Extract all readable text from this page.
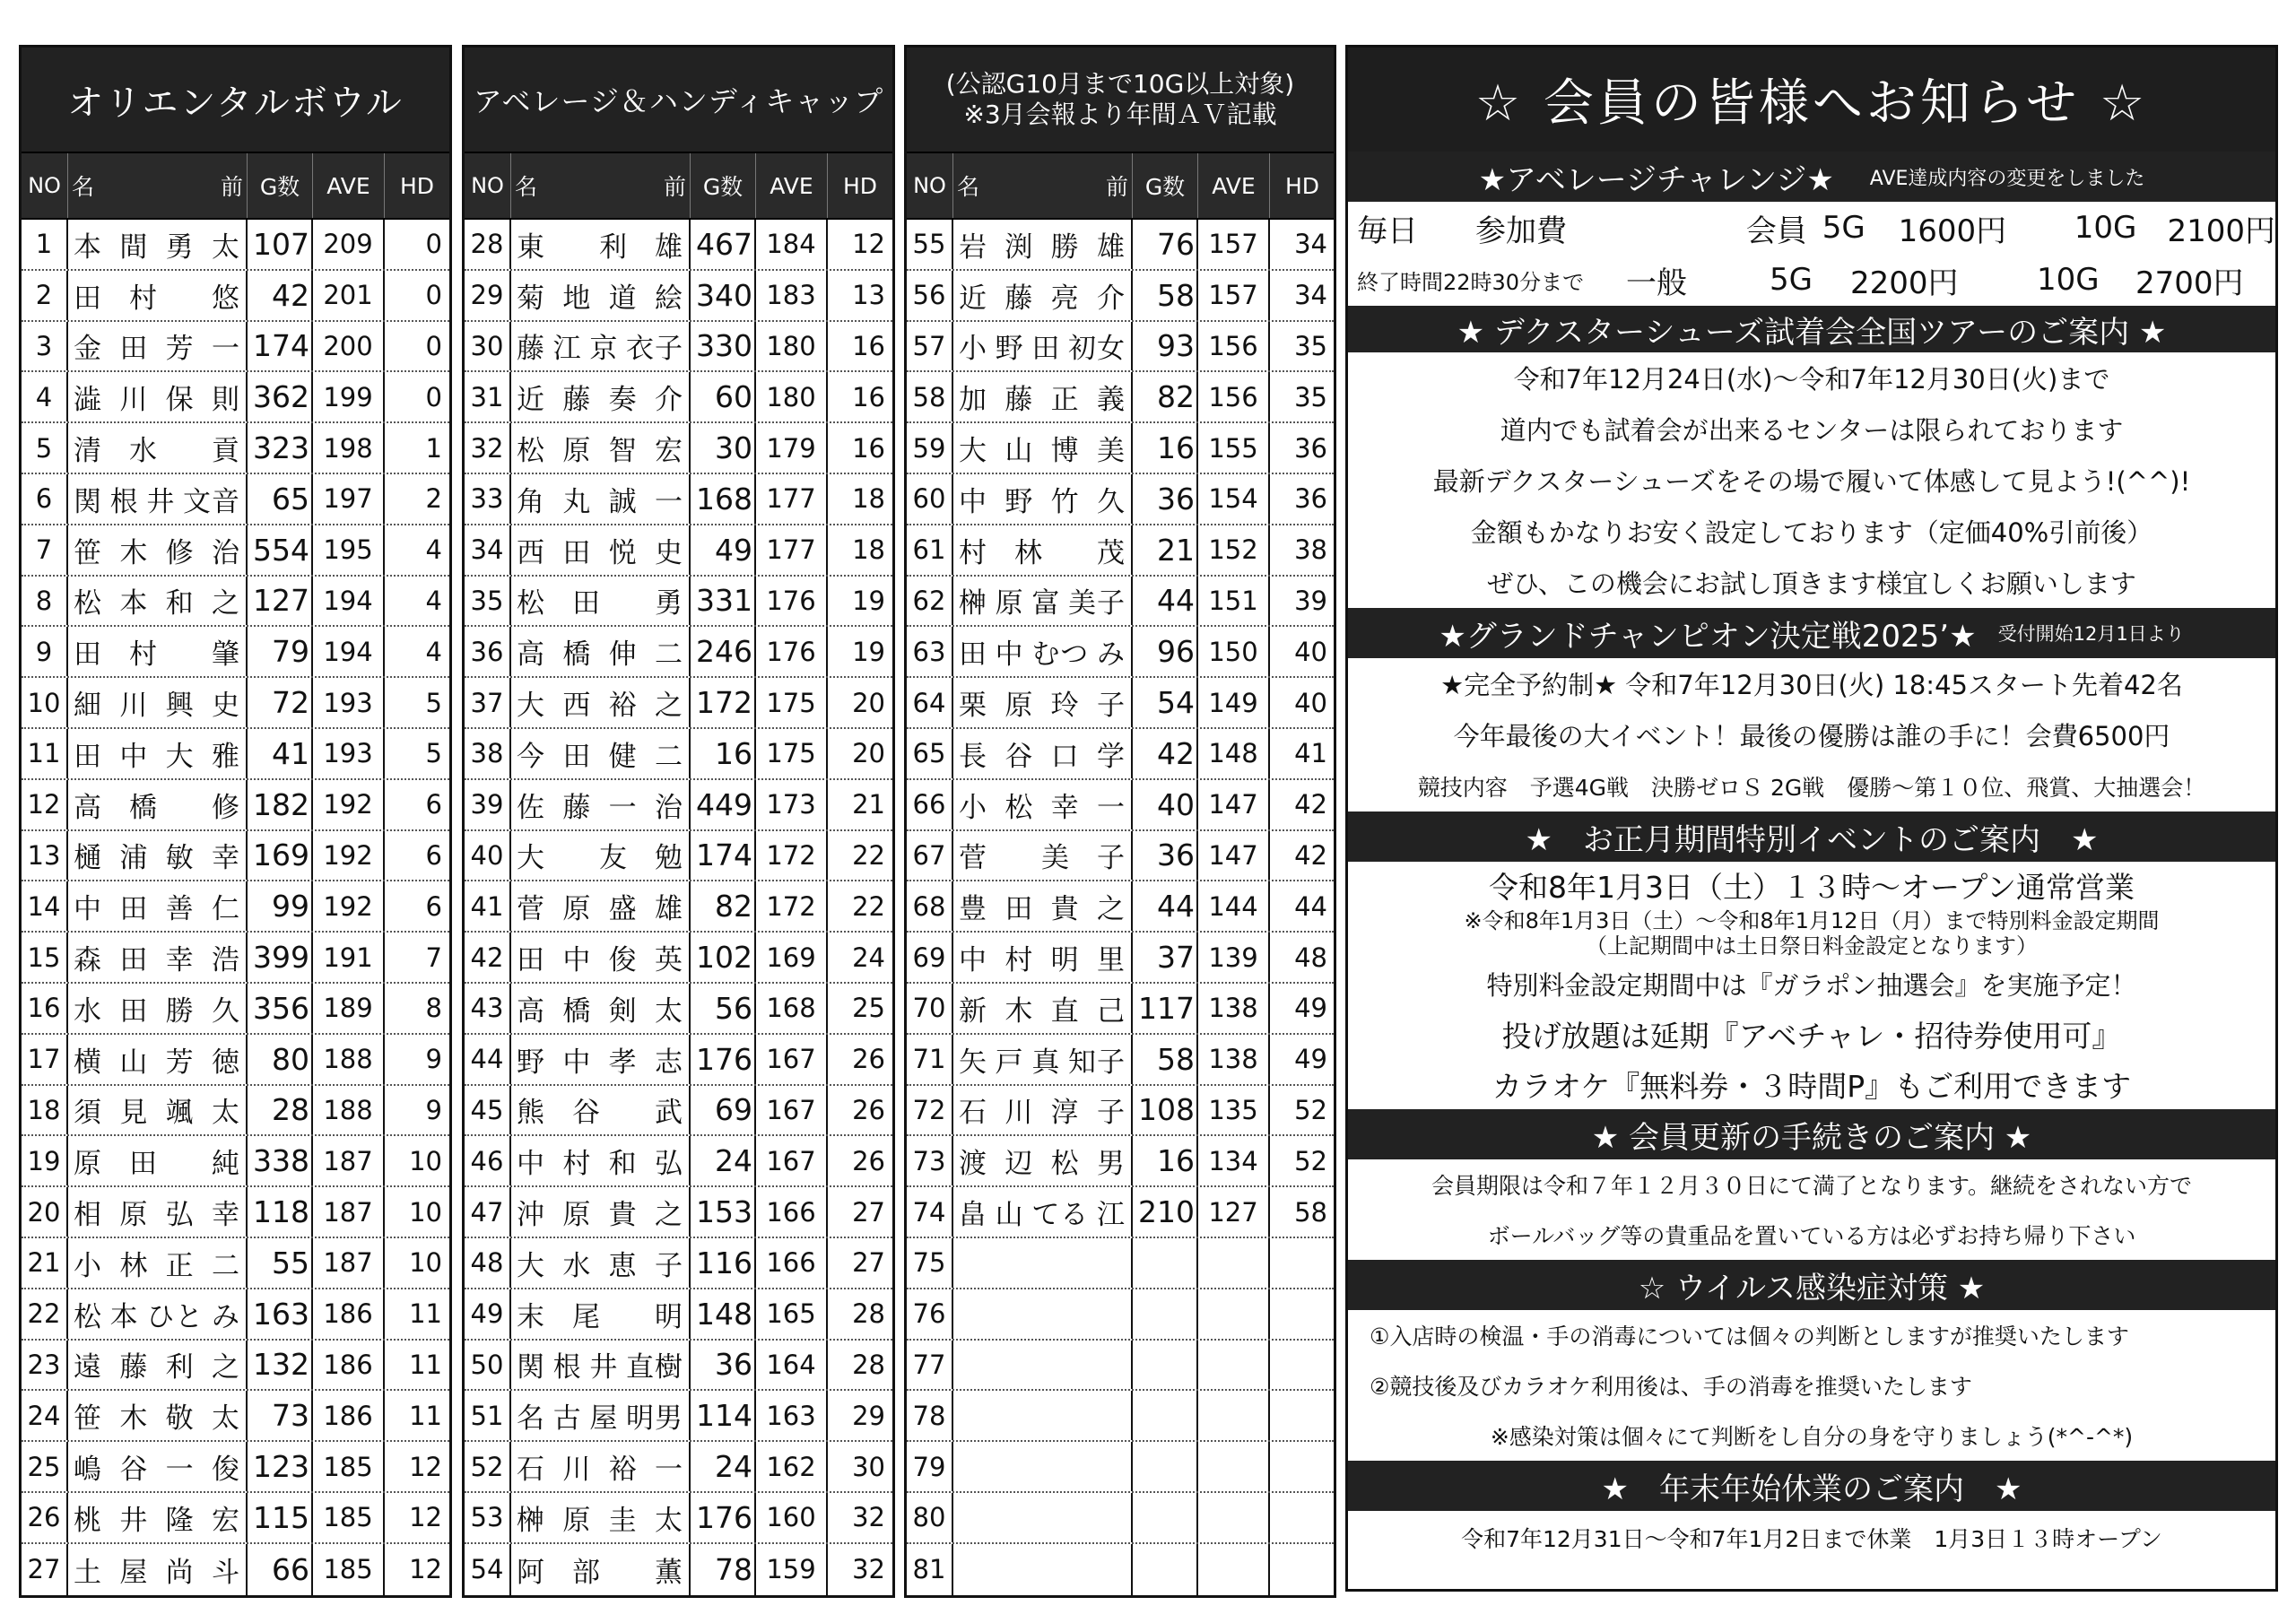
オリエンタルボウル
NO 名	前 G数	AVE	HD
1 本 間 勇 太 107 209	0
2 田 村 悠	42 201	0
3 金 田 芳 一 174 200	0
4 澁 川 保 則 362 199	0
5 清 水 貢 323 198	1
6 関 根 井 文音	65 197	2
7 笹 木 修 治 554 195	4
8 松 本 和 之 127 194	4
9 田 村 肇	79 194	4
10 細 川 興 史	72 193	5
11 田 中 大 雅	41 193	5
12 高 橋 修 182 192	6
13 樋 浦 敏 幸 169 192	6
14 中 田 善 仁	99 192	6
15 森 田 幸 浩 399 191	7
16 水 田 勝 久 356 189	8
17 横 山 芳 徳	80 188	9
18 須 見 颯 太	28 188	9
19 原 田 純 338 187	10
20 相 原 弘 幸 118 187	10
21 小 林 正 二	55 187	10
22 松 本 ひと み 163 186	11
23 遠 藤 利 之 132 186	11
24 笹 木 敬 太	73 186	11
25 嶋 谷 一 俊 123 185	12
26 桃 井 隆 宏 115 185	12
27 土 屋 尚 斗	66 185	12
アベレージ＆ハンディキャップ
NO 名	前 G数	AVE	HD
28 東 利 雄 467 184	12
29 菊 地 道 絵 340 183	13
30 藤 江 京 衣子 330 180	16
31 近 藤 奏 介	60 180	16
32 松 原 智 宏	30 179	16
33 角 丸 誠 一 168 177	18
34 西 田 悦 史	49 177	18
35 松 田 勇 331 176	19
36 高 橋 伸 二 246 176	19
37 大 西 裕 之 172 175	20
38 今 田 健 二	16 175	20
39 佐 藤 一 治 449 173	21
40 大 友 勉 174 172	22
41 菅 原 盛 雄	82 172	22
42 田 中 俊 英 102 169	24
43 高 橋 剣 太	56 168	25
44 野 中 孝 志 176 167	26
45 熊 谷 武	69 167	26
46 中 村 和 弘	24 167	26
47 沖 原 貴 之 153 166	27
48 大 水 恵 子 116 166	27
49 末 尾 明 148 165	28
50 関 根 井 直樹	36 164	28
51 名 古 屋 明男 114 163	29
52 石 川 裕 一	24 162	30
53 榊 原 圭 太 176 160	32
54 阿 部 薫	78 159	32
(公認G10月まで10G以上対象)
※3月会報より年間ＡＶ記載
NO 名	前 G数	AVE	HD
55 岩 渕 勝 雄	76 157	34
56 近 藤 亮 介	58 157	34
57 小 野 田 初女	93 156	35
58 加 藤 正 義	82 156	35
59 大 山 博 美	16 155	36
60 中 野 竹 久	36 154	36
61 村 林 茂	21 152	38
62 榊 原 富 美子	44 151	39
63 田 中 むつ み	96 150	40
64 栗 原 玲 子	54 149	40
65 長 谷 口 学	42 148	41
66 小 松 幸 一	40 147	42
67 菅 美 子	36 147	42
68 豊 田 貴 之	44 144	44
69 中 村 明 里	37 139	48
70 新 木 直 己 117 138	49
71 矢 戸 真 知子	58 138	49
72 石 川 淳 子 108 135	52
73 渡 辺 松 男	16 134	52
74 畠 山 てる 江 210 127	58
75
76
77
78
79
80
81
☆ 会員の皆様へお知らせ ☆
★アベレージチャレンジ★ AVE達成内容の変更をしました
毎日	参加費	会員 5G	1600円	10G	2100円
終了時間22時30分まで	一般	5G	2200円	10G	2700円
★ デクスターシューズ試着会全国ツアーのご案内 ★
令和7年12月24日(水)～令和7年12月30日(火)まで
道内でも試着会が出来るセンターは限られております
最新デクスターシューズをその場で履いて体感して見よう!(^^)!
金額もかなりお安く設定しております（定価40%引前後）
ぜひ、この機会にお試し頂きます様宜しくお願いします
★グランドチャンピオン決定戦2025’★ 受付開始12月1日より
★完全予約制★ 令和7年12月30日(火) 18:45スタート先着42名
今年最後の大イベント！最後の優勝は誰の手に！会費6500円
競技内容　予選4G戦　決勝ゼロＳ 2G戦　優勝～第１０位、飛賞、大抽選会！
★　お正月期間特別イベントのご案内　★
令和8年1月3日（土）１３時～オープン通常営業
※令和8年1月3日（土）～令和8年1月12日（月）まで特別料金設定期間
（上記期間中は土日祭日料金設定となります）
特別料金設定期間中は『ガラポン抽選会』を実施予定！
投げ放題は延期『アベチャレ・招待券使用可』
カラオケ『無料券・３時間P』もご利用できます
★ 会員更新の手続きのご案内 ★
会員期限は令和７年１２月３０日にて満了となります。継続をされない方で
ボールバッグ等の貴重品を置いている方は必ずお持ち帰り下さい
☆ ウイルス感染症対策 ★
①入店時の検温・手の消毒については個々の判断としますが推奨いたします
②競技後及びカラオケ利用後は、手の消毒を推奨いたします
※感染対策は個々にて判断をし自分の身を守りましょう(*^-^*)
★　年末年始休業のご案内　★
令和7年12月31日～令和7年1月2日まで休業　1月3日１３時オープン
